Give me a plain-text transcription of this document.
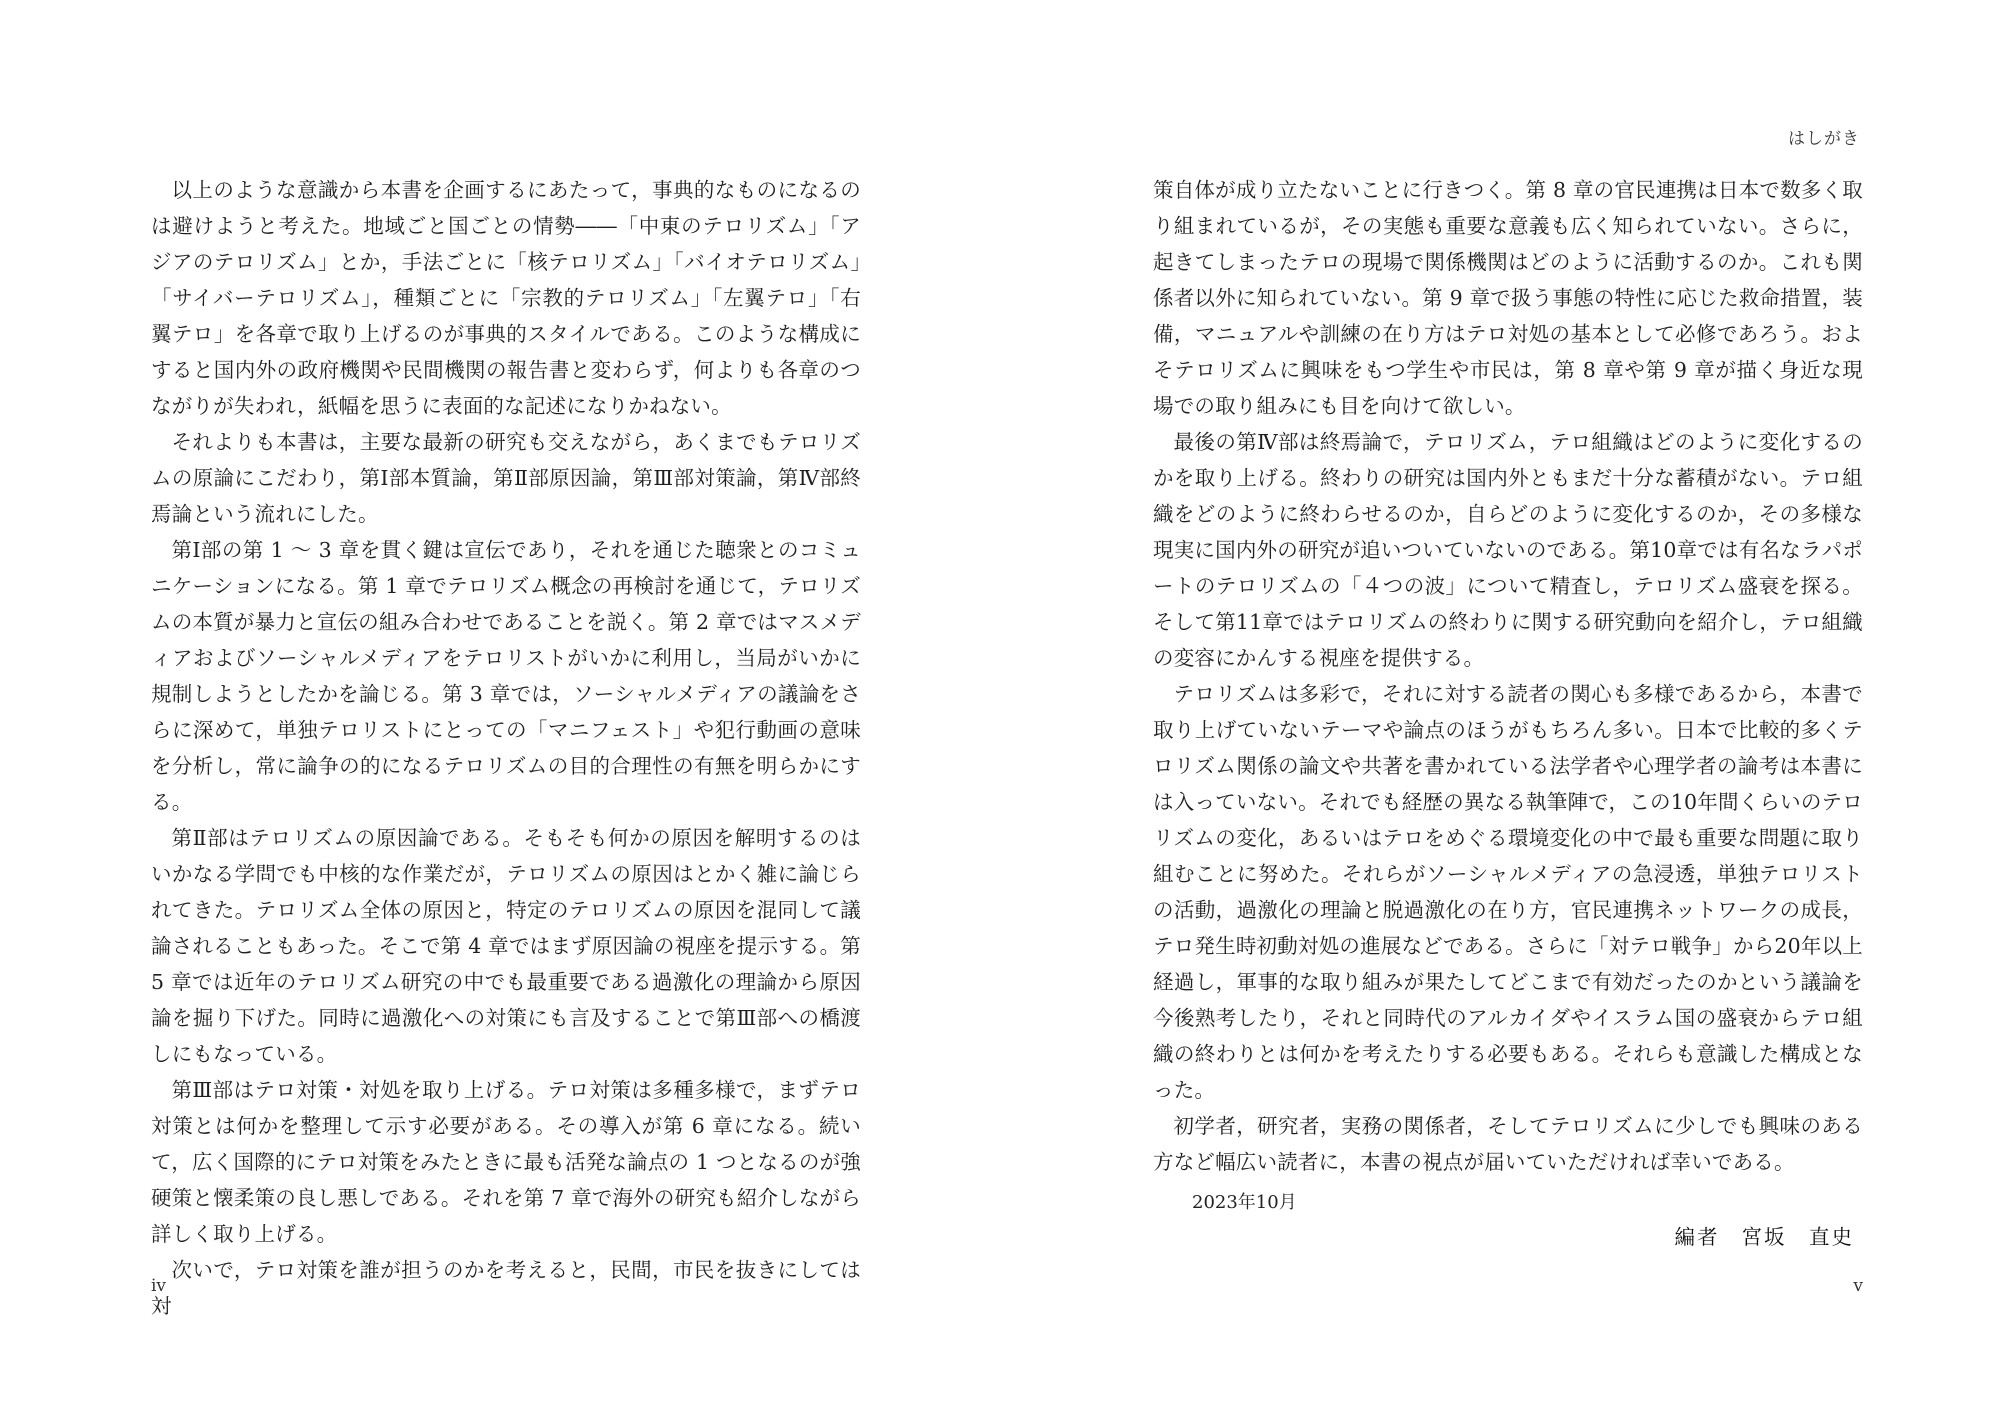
以上のような意識から本書を企画するにあたって，事典的なものになるのは避けようと考えた。地域ごと国ごとの情勢――「中東のテロリズム」「アジアのテロリズム」とか，手法ごとに「核テロリズム」「バイオテロリズム」「サイバーテロリズム」，種類ごとに「宗教的テロリズム」「左翼テロ」「右翼テロ」を各章で取り上げるのが事典的スタイルである。このような構成にすると国内外の政府機関や民間機関の報告書と変わらず，何よりも各章のつながりが失われ，紙幅を思うに表面的な記述になりかねない。

それよりも本書は，主要な最新の研究も交えながら，あくまでもテロリズムの原論にこだわり，第Ⅰ部本質論，第Ⅱ部原因論，第Ⅲ部対策論，第Ⅳ部終焉論という流れにした。

第Ⅰ部の第 1 ～ 3 章を貫く鍵は宣伝であり，それを通じた聴衆とのコミュニケーションになる。第 1 章でテロリズム概念の再検討を通じて，テロリズムの本質が暴力と宣伝の組み合わせであることを説く。第 2 章ではマスメディアおよびソーシャルメディアをテロリストがいかに利用し，当局がいかに規制しようとしたかを論じる。第 3 章では，ソーシャルメディアの議論をさらに深めて，単独テロリストにとっての「マニフェスト」や犯行動画の意味を分析し，常に論争の的になるテロリズムの目的合理性の有無を明らかにする。

第Ⅱ部はテロリズムの原因論である。そもそも何かの原因を解明するのはいかなる学問でも中核的な作業だが，テロリズムの原因はとかく雑に論じられてきた。テロリズム全体の原因と，特定のテロリズムの原因を混同して議論されることもあった。そこで第 4 章ではまず原因論の視座を提示する。第 5 章では近年のテロリズム研究の中でも最重要である過激化の理論から原因論を掘り下げた。同時に過激化への対策にも言及することで第Ⅲ部への橋渡しにもなっている。

第Ⅲ部はテロ対策・対処を取り上げる。テロ対策は多種多様で，まずテロ対策とは何かを整理して示す必要がある。その導入が第 6 章になる。続いて，広く国際的にテロ対策をみたときに最も活発な論点の 1 つとなるのが強硬策と懐柔策の良し悪しである。それを第 7 章で海外の研究も紹介しながら詳しく取り上げる。

次いで，テロ対策を誰が担うのかを考えると，民間，市民を抜きにしては対

iv
はしがき

策自体が成り立たないことに行きつく。第 8 章の官民連携は日本で数多く取り組まれているが，その実態も重要な意義も広く知られていない。さらに，起きてしまったテロの現場で関係機関はどのように活動するのか。これも関係者以外に知られていない。第 9 章で扱う事態の特性に応じた救命措置，装備，マニュアルや訓練の在り方はテロ対処の基本として必修であろう。およそテロリズムに興味をもつ学生や市民は，第 8 章や第 9 章が描く身近な現場での取り組みにも目を向けて欲しい。

最後の第Ⅳ部は終焉論で，テロリズム，テロ組織はどのように変化するのかを取り上げる。終わりの研究は国内外ともまだ十分な蓄積がない。テロ組織をどのように終わらせるのか，自らどのように変化するのか，その多様な現実に国内外の研究が追いついていないのである。第10章では有名なラパポートのテロリズムの「４つの波」について精査し，テロリズム盛衰を探る。そして第11章ではテロリズムの終わりに関する研究動向を紹介し，テロ組織の変容にかんする視座を提供する。

テロリズムは多彩で，それに対する読者の関心も多様であるから，本書で取り上げていないテーマや論点のほうがもちろん多い。日本で比較的多くテロリズム関係の論文や共著を書かれている法学者や心理学者の論考は本書には入っていない。それでも経歴の異なる執筆陣で，この10年間くらいのテロリズムの変化，あるいはテロをめぐる環境変化の中で最も重要な問題に取り組むことに努めた。それらがソーシャルメディアの急浸透，単独テロリストの活動，過激化の理論と脱過激化の在り方，官民連携ネットワークの成長，テロ発生時初動対処の進展などである。さらに「対テロ戦争」から20年以上経過し，軍事的な取り組みが果たしてどこまで有効だったのかという議論を今後熟考したり，それと同時代のアルカイダやイスラム国の盛衰からテロ組織の終わりとは何かを考えたりする必要もある。それらも意識した構成となった。

初学者，研究者，実務の関係者，そしてテロリズムに少しでも興味のある方など幅広い読者に，本書の視点が届いていただければ幸いである。

2023年10月
編者 宮坂　直史
v
